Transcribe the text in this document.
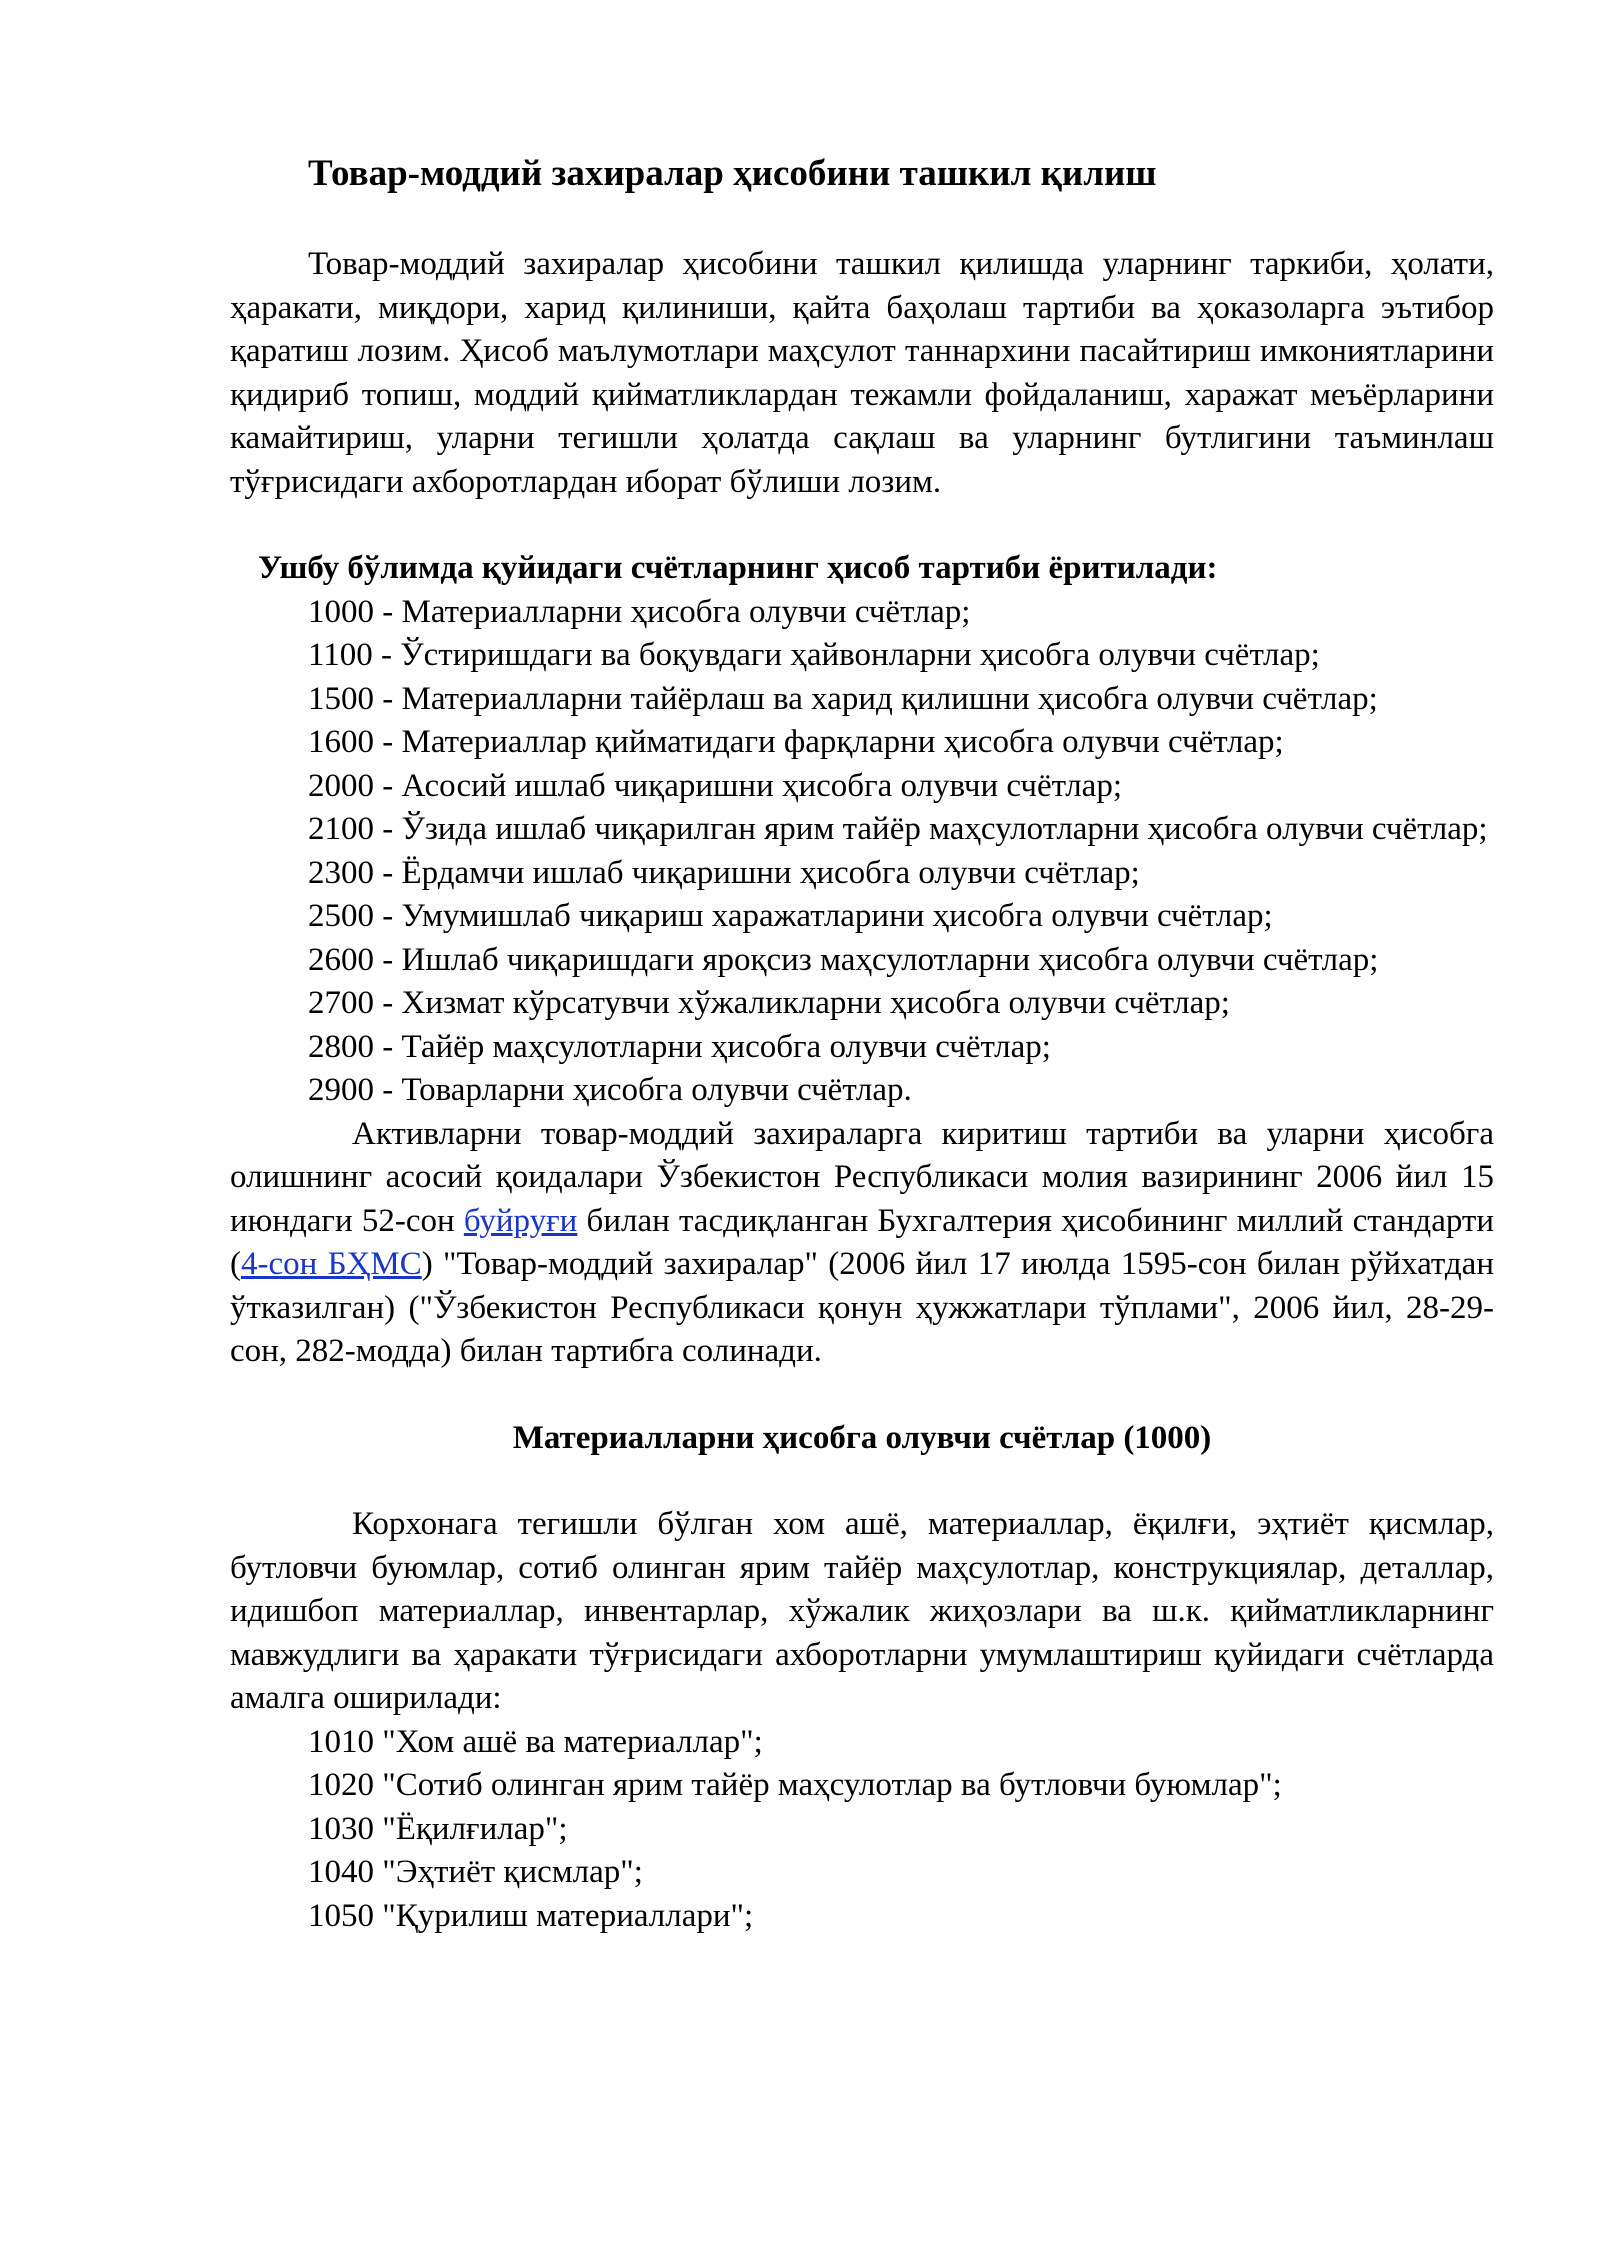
Товар-моддий захиралар ҳисобини ташкил қилиш

Товар-моддий захиралар ҳисобини ташкил қилишда уларнинг таркиби, ҳолати, ҳаракати, миқдори, харид қилиниши, қайта баҳолаш тартиби ва ҳоказоларга эътибор қаратиш лозим. Ҳисоб маълумотлари маҳсулот таннархини пасайтириш имкониятларини қидириб топиш, моддий қийматликлардан тежамли фойдаланиш, харажат меъёрларини камайтириш, уларни тегишли ҳолатда сақлаш ва уларнинг бутлигини таъминлаш тўғрисидаги ахборотлардан иборат бўлиши лозим.

Ушбу бўлимда қуйидаги счётларнинг ҳисоб тартиби ёритилади:
1000 - Материалларни ҳисобга олувчи счётлар;
1100 - Ўстиришдаги ва боқувдаги ҳайвонларни ҳисобга олувчи счётлар;
1500 - Материалларни тайёрлаш ва харид қилишни ҳисобга олувчи счётлар;
1600 - Материаллар қийматидаги фарқларни ҳисобга олувчи счётлар;
2000 - Асосий ишлаб чиқаришни ҳисобга олувчи счётлар;
2100 - Ўзида ишлаб чиқарилган ярим тайёр маҳсулотларни ҳисобга олувчи счётлар;
2300 - Ёрдамчи ишлаб чиқаришни ҳисобга олувчи счётлар;
2500 - Умумишлаб чиқариш харажатларини ҳисобга олувчи счётлар;
2600 - Ишлаб чиқаришдаги яроқсиз маҳсулотларни ҳисобга олувчи счётлар;
2700 - Хизмат кўрсатувчи хўжаликларни ҳисобга олувчи счётлар;
2800 - Тайёр маҳсулотларни ҳисобга олувчи счётлар;
2900 - Товарларни ҳисобга олувчи счётлар.

Активларни товар-моддий захираларга киритиш тартиби ва уларни ҳисобга олишнинг асосий қоидалари Ўзбекистон Республикаси молия вазирининг 2006 йил 15 июндаги 52-сон буйруғи билан тасдиқланган Бухгалтерия ҳисобининг миллий стандарти (4-сон БҲМС) "Товар-моддий захиралар" (2006 йил 17 июлда 1595-сон билан рўйхатдан ўтказилган) ("Ўзбекистон Республикаси қонун ҳужжатлари тўплами", 2006 йил, 28-29-сон, 282-модда) билан тартибга солинади.

Материалларни ҳисобга олувчи счётлар (1000)

Корхонага тегишли бўлган хом ашё, материаллар, ёқилғи, эҳтиёт қисмлар, бутловчи буюмлар, сотиб олинган ярим тайёр маҳсулотлар, конструкциялар, деталлар, идишбоп материаллар, инвентарлар, хўжалик жиҳозлари ва ш.к. қийматликларнинг мавжудлиги ва ҳаракати тўғрисидаги ахборотларни умумлаштириш қуйидаги счётларда амалга оширилади:

1010 "Хом ашё ва материаллар";
1020 "Сотиб олинган ярим тайёр маҳсулотлар ва бутловчи буюмлар";
1030 "Ёқилғилар";
1040 "Эҳтиёт қисмлар";
1050 "Қурилиш материаллари";
